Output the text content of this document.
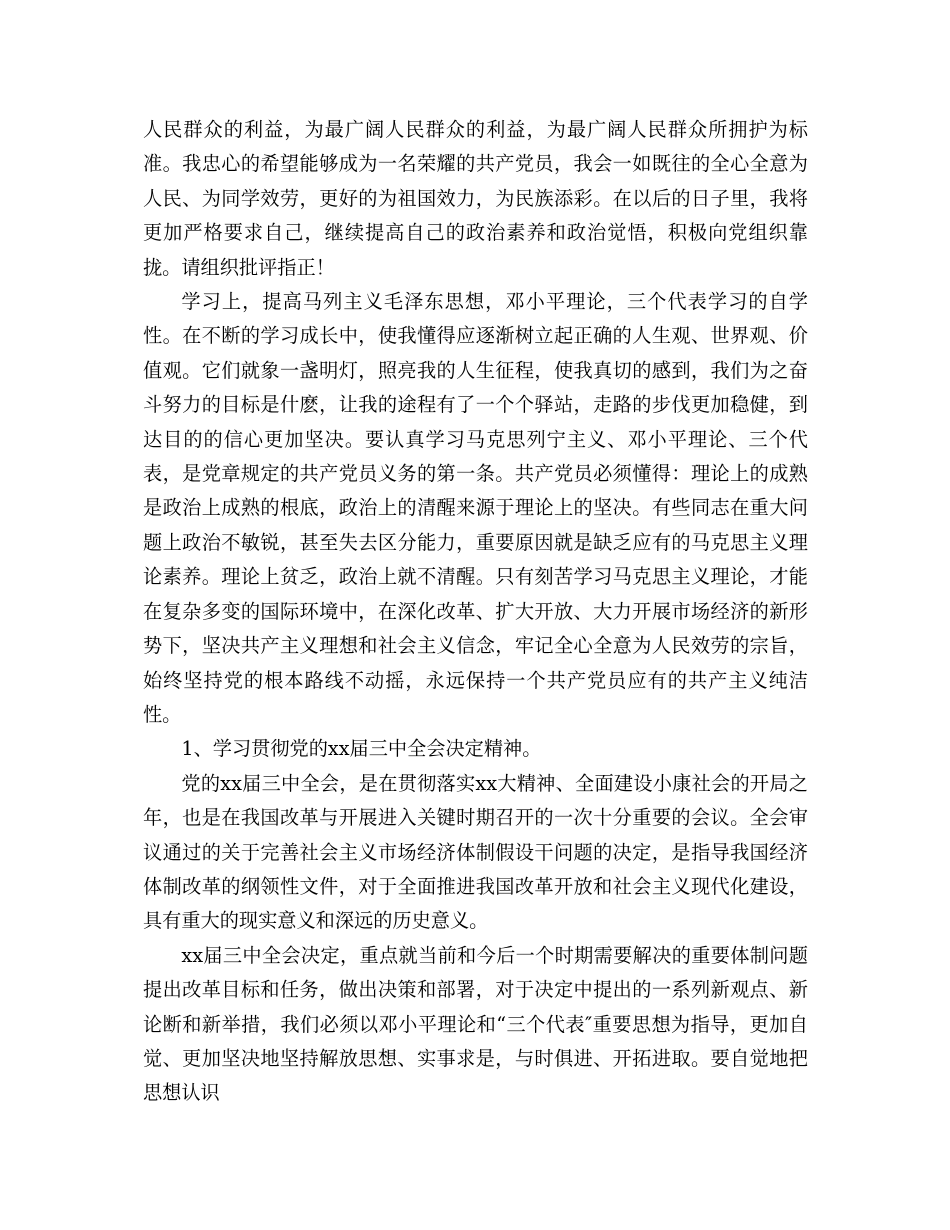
人民群众的利益，为最广阔人民群众的利益，为最广阔人民群众所拥护为标准。我忠心的希望能够成为一名荣耀的共产党员，我会一如既往的全心全意为人民、为同学效劳，更好的为祖国效力，为民族添彩。在以后的日子里，我将更加严格要求自己，继续提高自己的政治素养和政治觉悟，积极向党组织靠拢。请组织批评指正！

学习上，提高马列主义毛泽东思想，邓小平理论，三个代表学习的自学性。在不断的学习成长中，使我懂得应逐渐树立起正确的人生观、世界观、价值观。它们就象一盏明灯，照亮我的人生征程，使我真切的感到，我们为之奋斗努力的目标是什麽，让我的途程有了一个个驿站，走路的步伐更加稳健，到达目的的信心更加坚决。要认真学习马克思列宁主义、邓小平理论、三个代表，是党章规定的共产党员义务的第一条。共产党员必须懂得：理论上的成熟是政治上成熟的根底，政治上的清醒来源于理论上的坚决。有些同志在重大问题上政治不敏锐，甚至失去区分能力，重要原因就是缺乏应有的马克思主义理论素养。理论上贫乏，政治上就不清醒。只有刻苦学习马克思主义理论，才能在复杂多变的国际环境中，在深化改革、扩大开放、大力开展市场经济的新形势下，坚决共产主义理想和社会主义信念，牢记全心全意为人民效劳的宗旨，始终坚持党的根本路线不动摇，永远保持一个共产党员应有的共产主义纯洁性。

1、学习贯彻党的xx届三中全会决定精神。

党的xx届三中全会，是在贯彻落实xx大精神、全面建设小康社会的开局之年，也是在我国改革与开展进入关键时期召开的一次十分重要的会议。全会审议通过的关于完善社会主义市场经济体制假设干问题的决定，是指导我国经济体制改革的纲领性文件，对于全面推进我国改革开放和社会主义现代化建设，具有重大的现实意义和深远的历史意义。

xx届三中全会决定，重点就当前和今后一个时期需要解决的重要体制问题提出改革目标和任务，做出决策和部署，对于决定中提出的一系列新观点、新论断和新举措，我们必须以邓小平理论和“三个代表″重要思想为指导，更加自觉、更加坚决地坚持解放思想、实事求是，与时俱进、开拓进取。要自觉地把思想认识
